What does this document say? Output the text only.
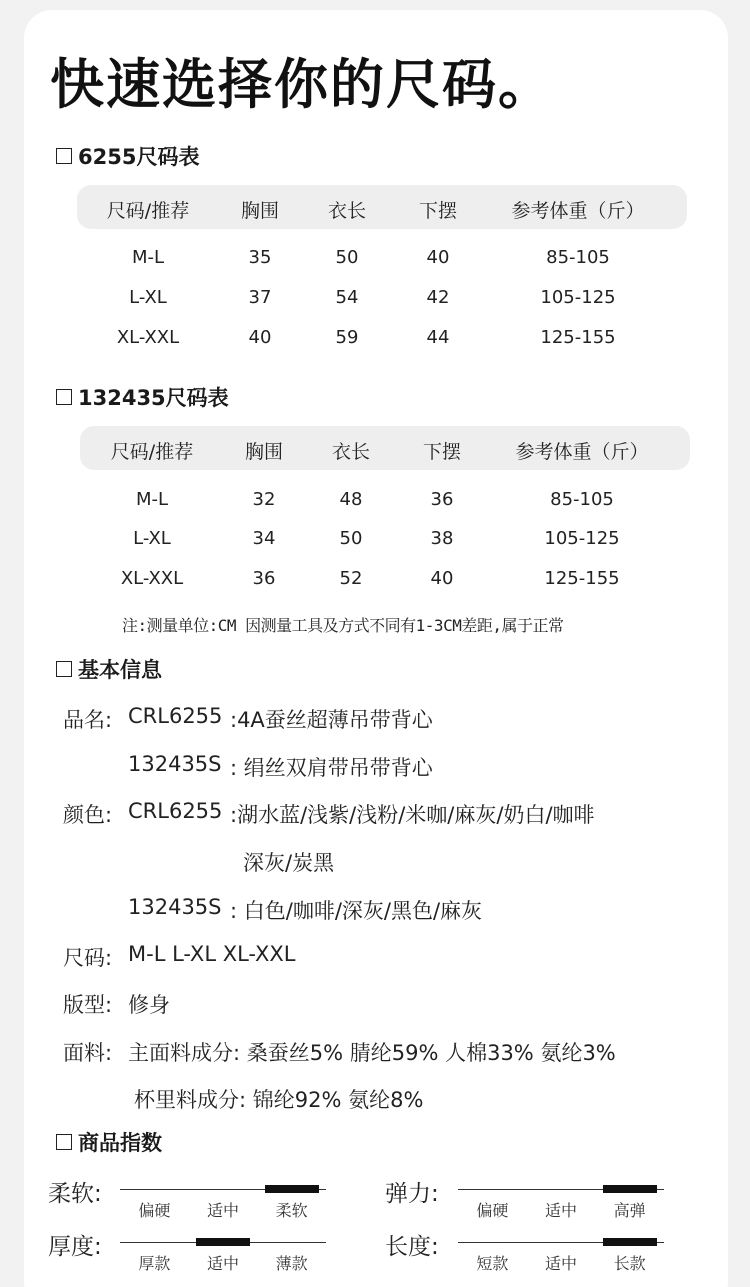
快速选择你的尺码。
6255尺码表
尺码/推荐	胸围	衣长	下摆	参考体重（斤）
M-L	35	50	40	85-105
L-XL	37	54	42	105-125
XL-XXL	40	59	44	125-155
132435尺码表
尺码/推荐	胸围	衣长	下摆	参考体重（斤）
M-L	32	48	36	85-105
L-XL	34	50	38	105-125
XL-XXL	36	52	40	125-155
注:测量单位:CM 因测量工具及方式不同有1-3CM差距,属于正常
基本信息
品名: CRL6255 :4A蚕丝超薄吊带背心
132435S : 绢丝双肩带吊带背心
颜色: CRL6255 :湖水蓝/浅紫/浅粉/米咖/麻灰/奶白/咖啡
深灰/炭黑
132435S : 白色/咖啡/深灰/黑色/麻灰
尺码: M-L L-XL XL-XXL
版型: 修身
面料: 主面料成分: 桑蚕丝5% 腈纶59% 人棉33% 氨纶3%
杯里料成分: 锦纶92% 氨纶8%
商品指数
柔软:
偏硬 适中 柔软
弹力:
偏硬 适中 高弹
厚度:
厚款 适中 薄款
长度:
短款 适中 长款
